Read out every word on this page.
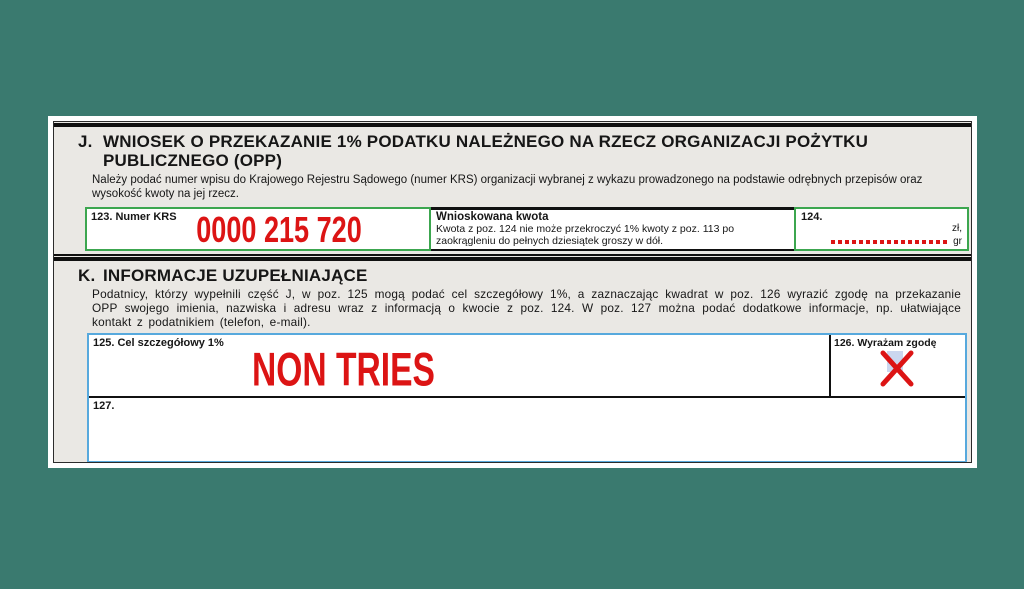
J. WNIOSEK O PRZEKAZANIE 1% PODATKU NALEŻNEGO NA RZECZ ORGANIZACJI POŻYTKU PUBLICZNEGO (OPP)
Należy podać numer wpisu do Krajowego Rejestru Sądowego (numer KRS) organizacji wybranej z wykazu prowadzonego na podstawie odrębnych przepisów oraz wysokość kwoty na jej rzecz.
123. Numer KRS 0000 215 720	Wnioskowana kwota
Kwota z poz. 124 nie może przekroczyć 1% kwoty z poz. 113 po zaokrągleniu do pełnych dziesiątek groszy w dół.
124.
zł,
gr
K. INFORMACJE UZUPEŁNIAJĄCE
Podatnicy, którzy wypełnili część J, w poz. 125 mogą podać cel szczegółowy 1%, a zaznaczając kwadrat w poz. 126 wyrazić zgodę na przekazanie OPP swojego imienia, nazwiska i adresu wraz z informacją o kwocie z poz. 124. W poz. 127 można podać dodatkowe informacje, np. ułatwiające kontakt z podatnikiem (telefon, e-mail).
125. Cel szczegółowy 1% NON TRIES	126. Wyrażam zgodę
127.
